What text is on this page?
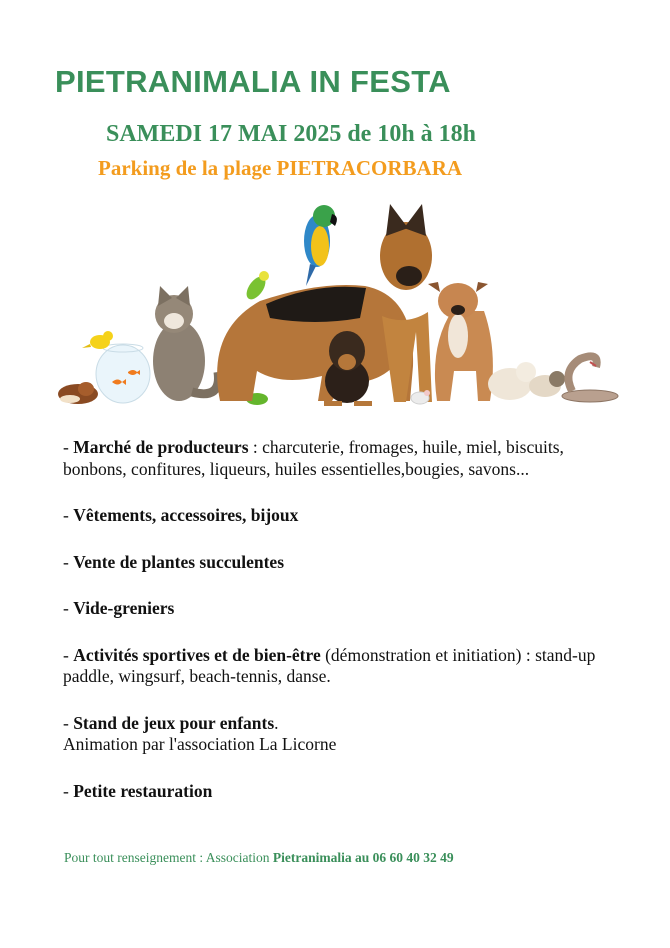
PIETRANIMALIA IN FESTA
SAMEDI 17 MAI 2025 de 10h à 18h
Parking de la plage PIETRACORBARA

- Marché de producteurs : charcuterie, fromages, huile, miel, biscuits, bonbons, confitures, liqueurs, huiles essentielles,bougies, savons...

- Vêtements, accessoires, bijoux

- Vente de plantes succulentes

- Vide-greniers

- Activités sportives et de bien-être (démonstration et initiation) : stand-up paddle, wingsurf, beach-tennis, danse.

- Stand de jeux pour enfants.
Animation par l'association La Licorne

- Petite restauration

Pour tout renseignement : Association Pietranimalia au 06 60 40 32 49
